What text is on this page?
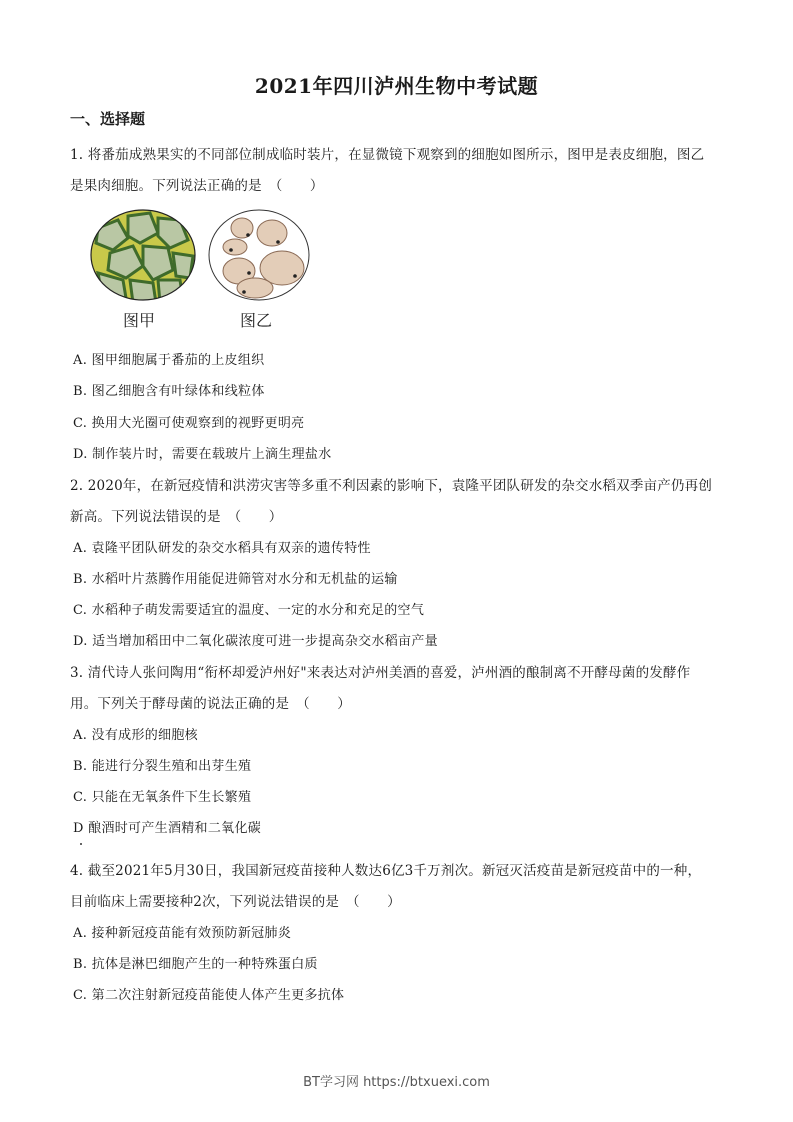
2021年四川泸州生物中考试题
一、选择题
1. 将番茄成熟果实的不同部位制成临时装片，在显微镜下观察到的细胞如图所示，图甲是表皮细胞，图乙
是果肉细胞。下列说法正确的是　（　　）
图甲	图乙
A. 图甲细胞属于番茄的上皮组织
B. 图乙细胞含有叶绿体和线粒体
C. 换用大光圈可使观察到的视野更明亮
D. 制作装片时，需要在载玻片上滴生理盐水
2. 2020年，在新冠疫情和洪涝灾害等多重不利因素的影响下，袁隆平团队研发的杂交水稻双季亩产仍再创
新高。下列说法错误的是　（　　）
A. 袁隆平团队研发的杂交水稻具有双亲的遗传特性
B. 水稻叶片蒸腾作用能促进筛管对水分和无机盐的运输
C. 水稻种子萌发需要适宜的温度、一定的水分和充足的空气
D. 适当增加稻田中二氧化碳浓度可进一步提高杂交水稻亩产量
3. 清代诗人张问陶用“衔杯却爱泸州好"来表达对泸州美酒的喜爱，泸州酒的酿制离不开酵母菌的发酵作
用。下列关于酵母菌的说法正确的是　（　　）
A. 没有成形的细胞核
B. 能进行分裂生殖和出芽生殖
C. 只能在无氧条件下生长繁殖
D 酿酒时可产生酒精和二氧化碳
4. 截至2021年5月30日，我国新冠疫苗接种人数达6亿3千万剂次。新冠灭活疫苗是新冠疫苗中的一种，
目前临床上需要接种2次，下列说法错误的是　（　　）
A. 接种新冠疫苗能有效预防新冠肺炎
B. 抗体是淋巴细胞产生的一种特殊蛋白质
C. 第二次注射新冠疫苗能使人体产生更多抗体
BT学习网 https://btxuexi.com
